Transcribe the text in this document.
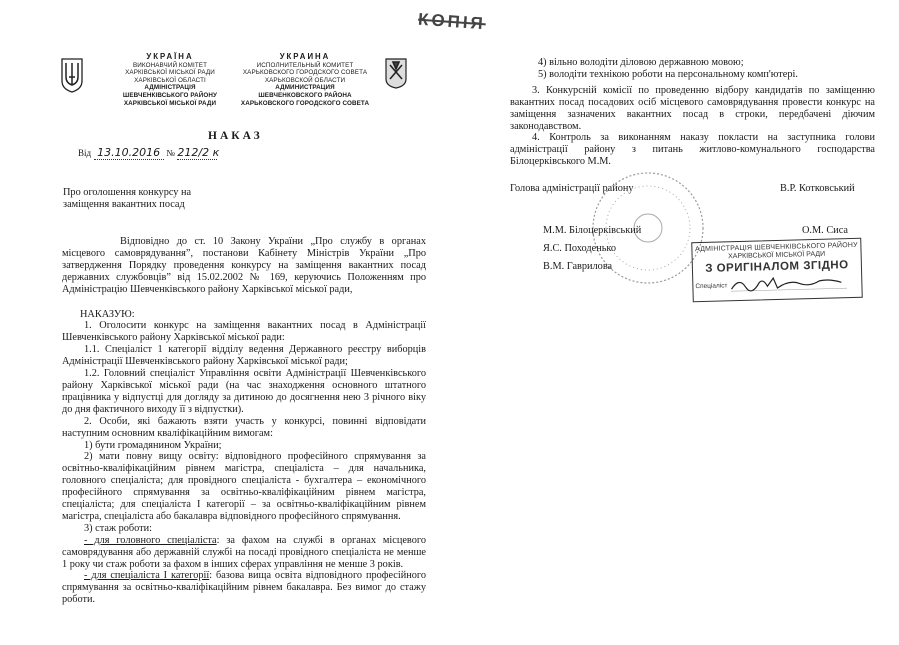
КОПІЯ
УКРАЇНА
ВИКОНАВЧИЙ КОМІТЕТ
ХАРКІВСЬКОЇ МІСЬКОЇ РАДИ
ХАРКІВСЬКОЇ ОБЛАСТІ
АДМІНІСТРАЦІЯ
ШЕВЧЕНКІВСЬКОГО РАЙОНУ
ХАРКІВСЬКОЇ МІСЬКОЇ РАДИ
УКРАИНА
ИСПОЛНИТЕЛЬНЫЙ КОМИТЕТ
ХАРЬКОВСКОГО ГОРОДСКОГО СОВЕТА
ХАРЬКОВСКОЙ ОБЛАСТИ
АДМИНИСТРАЦИЯ
ШЕВЧЕНКОВСКОГО РАЙОНА
ХАРЬКОВСКОГО ГОРОДСКОГО СОВЕТА
НАКАЗ
Від 13.10.2016 № 212/2 к
Про оголошення конкурсу на
заміщення вакантних посад

Відповідно до ст. 10 Закону України „Про службу в органах місцевого самоврядування”, постанови Кабінету Міністрів України „Про затвердження Порядку проведення конкурсу на заміщення вакантних посад державних службовців” від 15.02.2002 № 169, керуючись Положенням про Адміністрацію Шевченківського району Харківської міської ради,

НАКАЗУЮ:

1. Оголосити конкурс на заміщення вакантних посад в Адміністрації Шевченківського району Харківської міської ради:

1.1. Спеціаліст 1 категорії відділу ведення Державного реєстру виборців Адміністрації Шевченківського району Харківської міської ради;

1.2. Головний спеціаліст Управління освіти Адміністрації Шевченківського району Харківської міської ради (на час знаходження основного штатного працівника у відпустці для догляду за дитиною до досягнення нею 3 річного віку до дня фактичного виходу її з відпустки).

2. Особи, які бажають взяти участь у конкурсі, повинні відповідати наступним основним кваліфікаційним вимогам:

1) бути громадянином України;

2) мати повну вищу освіту: відповідного професійного спрямування за освітньо-кваліфікаційним рівнем магістра, спеціаліста – для начальника, головного спеціаліста; для провідного спеціаліста - бухгалтера – економічного професійного спрямування за освітньо-кваліфікаційним рівнем магістра, спеціаліста; для спеціаліста I категорії – за освітньо-кваліфікаційним рівнем магістра, спеціаліста або бакалавра відповідного професійного спрямування.

3) стаж роботи:

- для головного спеціаліста: за фахом на службі в органах місцевого самоврядування або державній службі на посаді провідного спеціаліста не менше 1 року чи стаж роботи за фахом в інших сферах управління не менше 3 років.

- для спеціаліста I категорії: базова вища освіта відповідного професійного спрямування за освітньо-кваліфікаційним рівнем бакалавра. Без вимог до стажу роботи.

4) вільно володіти діловою державною мовою;

5) володіти технікою роботи на персональному комп'ютері.

3. Конкурсній комісії по проведенню відбору кандидатів по заміщенню вакантних посад посадових осіб місцевого самоврядування провести конкурс на заміщення зазначених вакантних посад в строки, передбачені діючим законодавством.

4. Контроль за виконанням наказу покласти на заступника голови адміністрації району з питань житлово-комунального господарства Білоцерківського М.М.

Голова адміністрації району	В.Р. Котковський
М.М. Білоцерківський
Я.С. Походенько
В.М. Гаврилова
О.М. Сиса
АДМІНІСТРАЦІЯ ШЕВЧЕНКІВСЬКОГО РАЙОНУ
ХАРКІВСЬКОЇ МІСЬКОЇ РАДИ
З ОРИГІНАЛОМ ЗГІДНО
Спеціаліст
